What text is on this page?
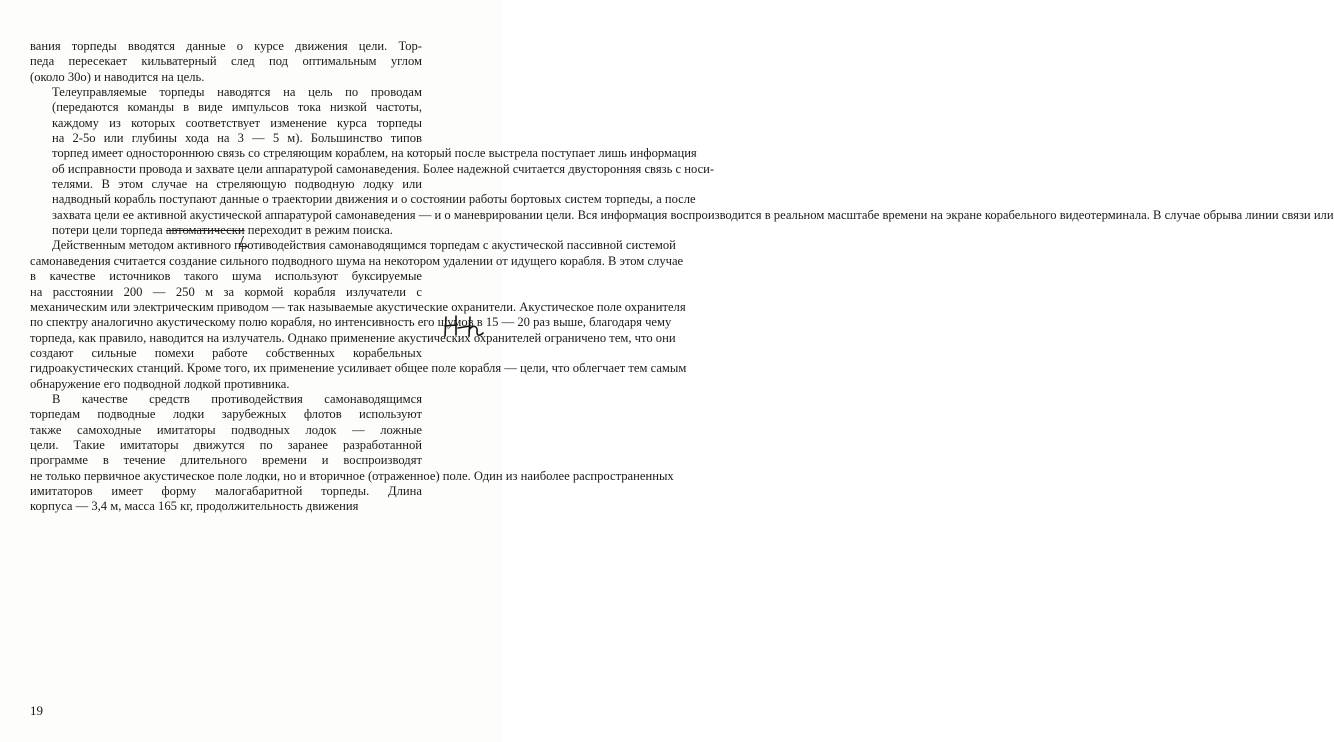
вания торпеды вводятся данные о курсе движения цели. Тор-
педа пересекает кильватерный след под оптимальным углом
(около 30о) и наводится на цель.

Телеуправляемые торпеды наводятся на цель по проводам
(передаются команды в виде импульсов тока низкой частоты,
каждому из которых соответствует изменение курса торпеды
на 2-5о или глубины хода на 3 — 5 м). Большинство типов
торпед имеет одностороннюю связь со стреляющим кораблем, на который после выстрела поступает лишь информация
об исправности провода и захвате цели аппаратурой самонаведения. Более надежной считается двусторонняя связь с носи-
телями. В этом случае на стреляющую подводную лодку или
надводный корабль поступают данные о траектории движения и о состоянии работы бортовых систем торпеды, а после
захвата цели ее активной акустической аппаратурой самонаведения — и о маневрировании цели. Вся информация воспроизводится в реальном масштабе времени на экране корабельного видеотерминала. В случае обрыва линии связи или
потери цели торпеда автоматически переходит в режим поиска.

Действенным методом активного противодействия самонаводящимся торпедам с акустической пассивной системой
самонаведения считается создание сильного подводного шума на некотором удалении от идущего корабля. В этом случае
в качестве источников такого шума используют буксируемые
на расстоянии 200 — 250 м за кормой корабля излучатели с
механическим или электрическим приводом — так называемые акустические охранители. Акустическое поле охранителя
по спектру аналогично акустическому полю корабля, но интенсивность его шумов в 15 — 20 раз выше, благодаря чему
торпеда, как правило, наводится на излучатель. Однако применение акустических охранителей ограничено тем, что они
создают сильные помехи работе собственных корабельных
гидроакустических станций. Кроме того, их применение усиливает общее поле корабля — цели, что облегчает тем самым
обнаружение его подводной лодкой противника.

В качестве средств противодействия самонаводящимся
торпедам подводные лодки зарубежных флотов используют
также самоходные имитаторы подводных лодок — ложные
цели. Такие имитаторы движутся по заранее разработанной
программе в течение длительного времени и воспроизводят
не только первичное акустическое поле лодки, но и вторичное (отраженное) поле. Один из наиболее распространенных
имитаторов имеет форму малогабаритной торпеды. Длина
корпуса — 3,4 м, масса 165 кг, продолжительность движения

19
